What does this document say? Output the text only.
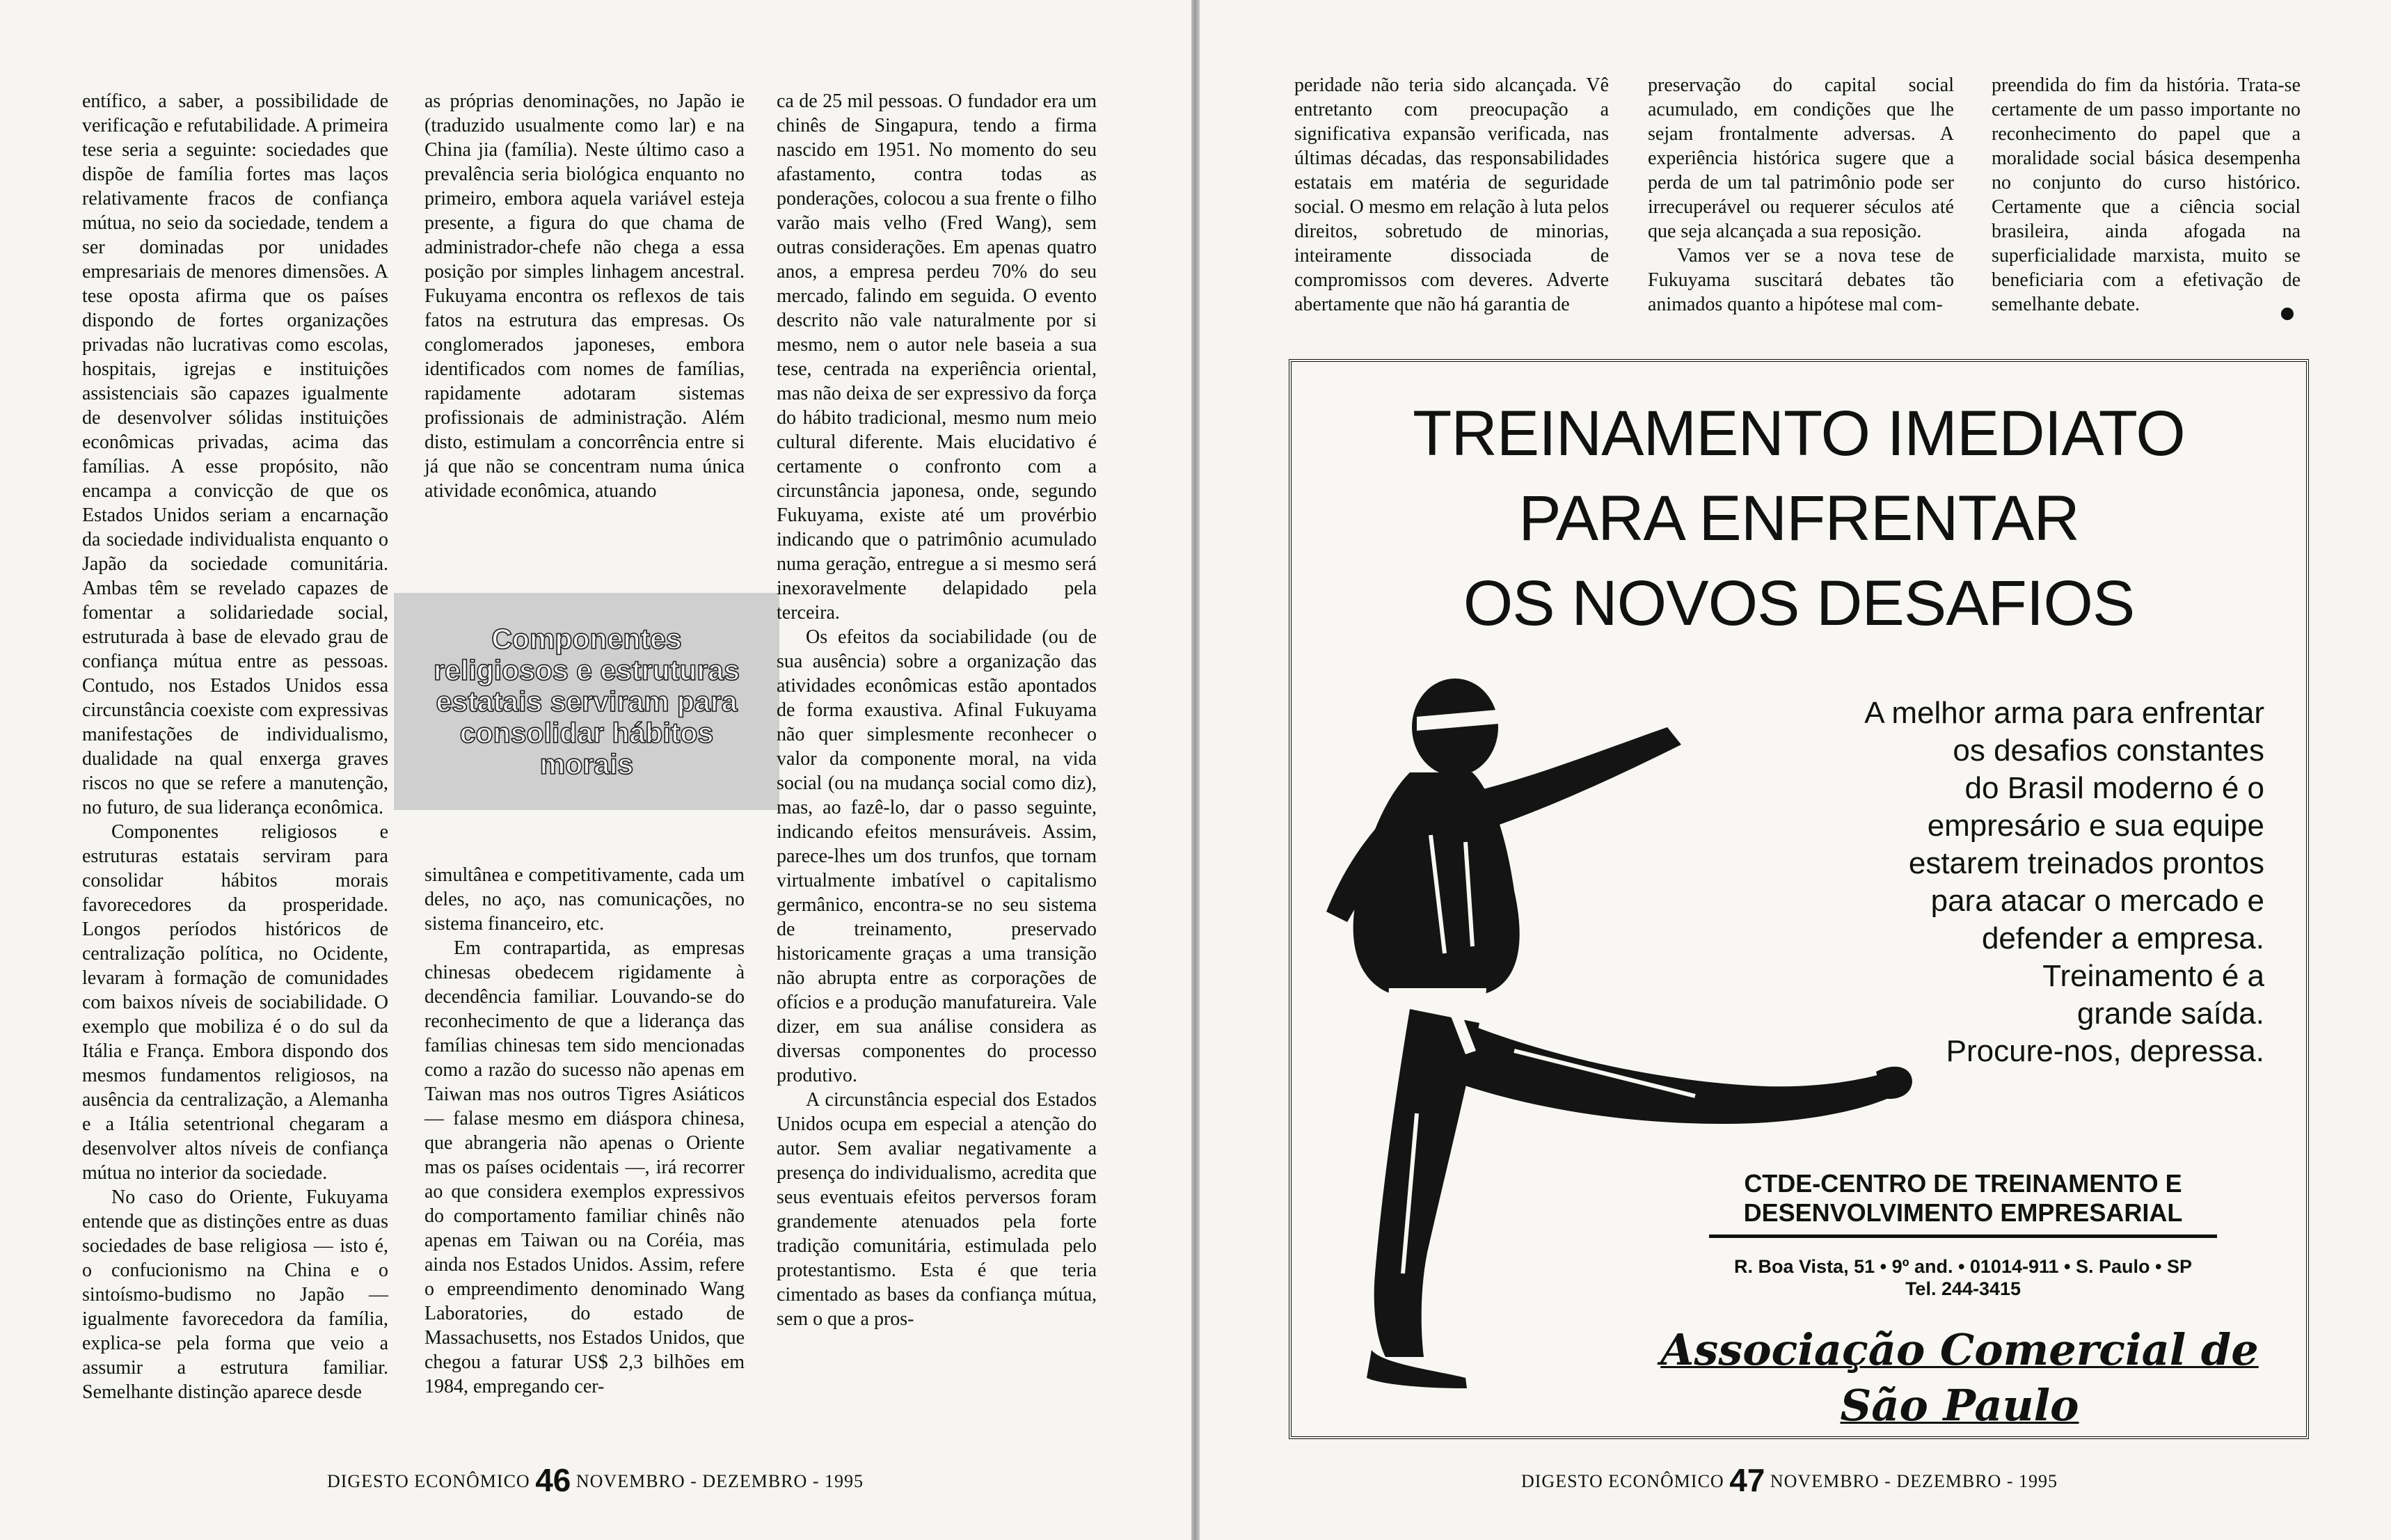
entífico, a saber, a possibilidade de verificação e refutabilidade. A primeira tese seria a seguinte: sociedades que dispõe de família fortes mas laços relativamente fracos de confiança mútua, no seio da sociedade, tendem a ser dominadas por unidades empresariais de menores dimensões. A tese oposta afirma que os países dispondo de fortes organizações privadas não lucrativas como escolas, hospitais, igrejas e instituições assistenciais são capazes igualmente de desenvolver sólidas instituições econômicas privadas, acima das famílias. A esse propósito, não encampa a convicção de que os Estados Unidos seriam a encarnação da sociedade individualista enquanto o Japão da sociedade comunitária. Ambas têm se revelado capazes de fomentar a solidariedade social, estruturada à base de elevado grau de confiança mútua entre as pessoas. Contudo, nos Estados Unidos essa circunstância coexiste com expressivas manifestações de individualismo, dualidade na qual enxerga graves riscos no que se refere a manutenção, no futuro, de sua liderança econômica.

Componentes religiosos e estruturas estatais serviram para consolidar hábitos morais favorecedores da prosperidade. Longos períodos históricos de centralização política, no Ocidente, levaram à formação de comunidades com baixos níveis de sociabilidade. O exemplo que mobiliza é o do sul da Itália e França. Embora dispondo dos mesmos fundamentos religiosos, na ausência da centralização, a Alemanha e a Itália setentrional chegaram a desenvolver altos níveis de confiança mútua no interior da sociedade.

No caso do Oriente, Fukuyama entende que as distinções entre as duas sociedades de base religiosa — isto é, o confucionismo na China e o sintoísmo-budismo no Japão — igualmente favorecedora da família, explica-se pela forma que veio a assumir a estrutura familiar. Semelhante distinção aparece desde

as próprias denominações, no Japão ie (traduzido usualmente como lar) e na China jia (família). Neste último caso a prevalência seria biológica enquanto no primeiro, embora aquela variável esteja presente, a figura do que chama de administrador-chefe não chega a essa posição por simples linhagem ancestral. Fukuyama encontra os reflexos de tais fatos na estrutura das empresas. Os conglomerados japoneses, embora identificados com nomes de famílias, rapidamente adotaram sistemas profissionais de administração. Além disto, estimulam a concorrência entre si já que não se concentram numa única atividade econômica, atuando

Componentes religiosos e estruturas estatais serviram para consolidar hábitos morais

simultânea e competitivamente, cada um deles, no aço, nas comunicações, no sistema financeiro, etc.

Em contrapartida, as empresas chinesas obedecem rigidamente à decendência familiar. Louvando-se do reconhecimento de que a liderança das famílias chinesas tem sido mencionadas como a razão do sucesso não apenas em Taiwan mas nos outros Tigres Asiáticos — falase mesmo em diáspora chinesa, que abrangeria não apenas o Oriente mas os países ocidentais —, irá recorrer ao que considera exemplos expressivos do comportamento familiar chinês não apenas em Taiwan ou na Coréia, mas ainda nos Estados Unidos. Assim, refere o empreendimento denominado Wang Laboratories, do estado de Massachusetts, nos Estados Unidos, que chegou a faturar US$ 2,3 bilhões em 1984, empregando cer-

ca de 25 mil pessoas. O fundador era um chinês de Singapura, tendo a firma nascido em 1951. No momento do seu afastamento, contra todas as ponderações, colocou a sua frente o filho varão mais velho (Fred Wang), sem outras considerações. Em apenas quatro anos, a empresa perdeu 70% do seu mercado, falindo em seguida. O evento descrito não vale naturalmente por si mesmo, nem o autor nele baseia a sua tese, centrada na experiência oriental, mas não deixa de ser expressivo da força do hábito tradicional, mesmo num meio cultural diferente. Mais elucidativo é certamente o confronto com a circunstância japonesa, onde, segundo Fukuyama, existe até um provérbio indicando que o patrimônio acumulado numa geração, entregue a si mesmo será inexoravelmente delapidado pela terceira.

Os efeitos da sociabilidade (ou de sua ausência) sobre a organização das atividades econômicas estão apontados de forma exaustiva. Afinal Fukuyama não quer simplesmente reconhecer o valor da componente moral, na vida social (ou na mudança social como diz), mas, ao fazê-lo, dar o passo seguinte, indicando efeitos mensuráveis. Assim, parece-lhes um dos trunfos, que tornam virtualmente imbatível o capitalismo germânico, encontra-se no seu sistema de treinamento, preservado historicamente graças a uma transição não abrupta entre as corporações de ofícios e a produção manufatureira. Vale dizer, em sua análise considera as diversas componentes do processo produtivo.

A circunstância especial dos Estados Unidos ocupa em especial a atenção do autor. Sem avaliar negativamente a presença do individualismo, acredita que seus eventuais efeitos perversos foram grandemente atenuados pela forte tradição comunitária, estimulada pelo protestantismo. Esta é que teria cimentado as bases da confiança mútua, sem o que a pros-

DIGESTO ECONÔMICO 46 NOVEMBRO - DEZEMBRO - 1995

peridade não teria sido alcançada. Vê entretanto com preocupação a significativa expansão verificada, nas últimas décadas, das responsabilidades estatais em matéria de seguridade social. O mesmo em relação à luta pelos direitos, sobretudo de minorias, inteiramente dissociada de compromissos com deveres. Adverte abertamente que não há garantia de

preservação do capital social acumulado, em condições que lhe sejam frontalmente adversas. A experiência histórica sugere que a perda de um tal patrimônio pode ser irrecuperável ou requerer séculos até que seja alcançada a sua reposição.

Vamos ver se a nova tese de Fukuyama suscitará debates tão animados quanto a hipótese mal com-

preendida do fim da história. Trata-se certamente de um passo importante no reconhecimento do papel que a moralidade social básica desempenha no conjunto do curso histórico. Certamente que a ciência social brasileira, ainda afogada na superficialidade marxista, muito se beneficiaria com a efetivação de semelhante debate.

TREINAMENTO IMEDIATO
PARA ENFRENTAR
OS NOVOS DESAFIOS
A melhor arma para enfrentar
os desafios constantes
do Brasil moderno é o
empresário e sua equipe
estarem treinados prontos
para atacar o mercado e
defender a empresa.
Treinamento é a
grande saída.
Procure-nos, depressa.
CTDE-CENTRO DE TREINAMENTO E
DESENVOLVIMENTO EMPRESARIAL
R. Boa Vista, 51 • 9º and. • 01014-911 • S. Paulo • SP
Tel. 244-3415
Associação Comercial de São Paulo
DIGESTO ECONÔMICO 47 NOVEMBRO - DEZEMBRO - 1995
